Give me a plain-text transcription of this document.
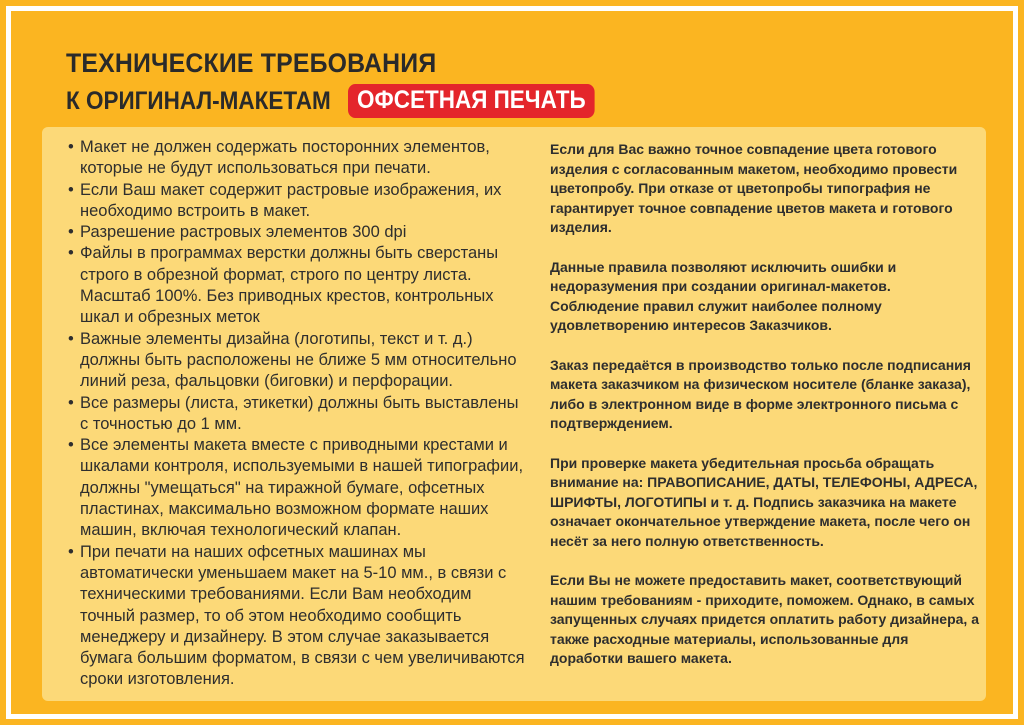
ТЕХНИЧЕСКИЕ ТРЕБОВАНИЯ
К ОРИГИНАЛ-МАКЕТАМ	ОФСЕТНАЯ ПЕЧАТЬ
• Макет не должен содержать посторонних элементов, которые не будут использоваться при печати.
• Если Ваш макет содержит растровые изображения, их необходимо встроить в макет.
• Разрешение растровых элементов 300 dpi
• Файлы в программах верстки должны быть сверстаны строго в обрезной формат, строго по центру листа. Масштаб 100%. Без приводных крестов, контрольных шкал и обрезных меток
• Важные элементы дизайна (логотипы, текст и т. д.) должны быть расположены не ближе 5 мм относительно линий реза, фальцовки (биговки) и перфорации.
• Все размеры (листа, этикетки) должны быть выставлены с точностью до 1 мм.
• Все элементы макета вместе с приводными крестами и шкалами контроля, используемыми в нашей типографии, должны "умещаться" на тиражной бумаге, офсетных пластинах, максимально возможном формате наших машин, включая технологический клапан.
• При печати на наших офсетных машинах мы автоматически уменьшаем макет на 5-10 мм., в связи с техническими требованиями. Если Вам необходим точный размер, то об этом необходимо сообщить менеджеру и дизайнеру. В этом случае заказывается бумага большим форматом, в связи с чем увеличиваются сроки изготовления.

Если для Вас важно точное совпадение цвета готового изделия с согласованным макетом, необходимо провести цветопробу. При отказе от цветопробы типография не гарантирует точное совпадение цветов макета и готового изделия.

Данные правила позволяют исключить ошибки и недоразумения при создании оригинал-макетов. Соблюдение правил служит наиболее полному удовлетворению интересов Заказчиков.

Заказ передаётся в производство только после подписания макета заказчиком на физическом носителе (бланке заказа), либо в электронном виде в форме электронного письма с подтверждением.

При проверке макета убедительная просьба обращать внимание на: ПРАВОПИСАНИЕ, ДАТЫ, ТЕЛЕФОНЫ, АДРЕСА, ШРИФТЫ, ЛОГОТИПЫ и т. д. Подпись заказчика на макете означает окончательное утверждение макета, после чего он несёт за него полную ответственность.

Если Вы не можете предоставить макет, соответствующий нашим требованиям - приходите, поможем. Однако, в самых запущенных случаях придется оплатить работу дизайнера, а также расходные материалы, использованные для доработки вашего макета.
